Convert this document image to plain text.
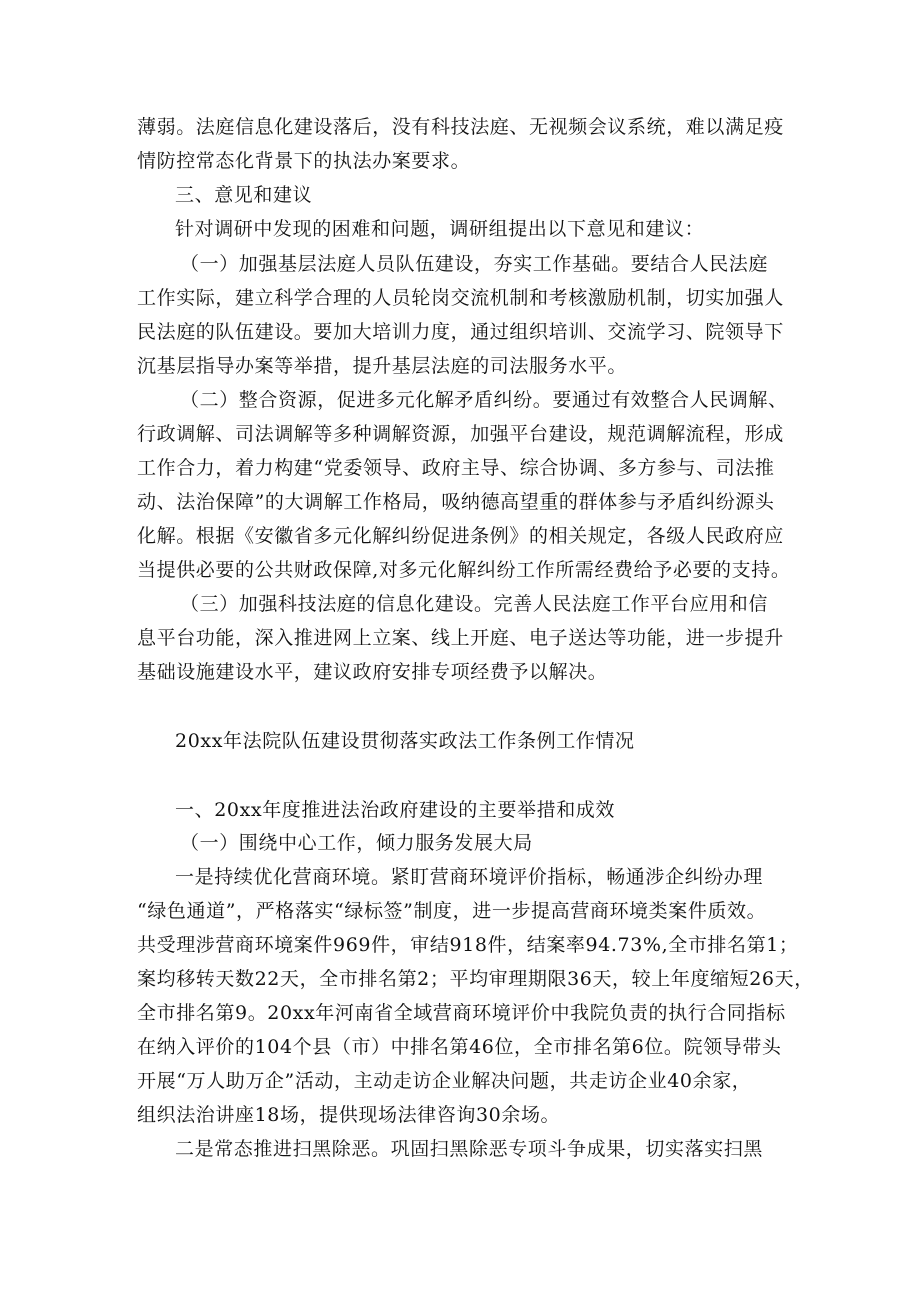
薄弱。法庭信息化建设落后，没有科技法庭、无视频会议系统，难以满足疫
情防控常态化背景下的执法办案要求。
三、意见和建议
针对调研中发现的困难和问题，调研组提出以下意见和建议：
（一）加强基层法庭人员队伍建设，夯实工作基础。要结合人民法庭
工作实际，建立科学合理的人员轮岗交流机制和考核激励机制，切实加强人
民法庭的队伍建设。要加大培训力度，通过组织培训、交流学习、院领导下
沉基层指导办案等举措，提升基层法庭的司法服务水平。
（二）整合资源，促进多元化解矛盾纠纷。要通过有效整合人民调解、
行政调解、司法调解等多种调解资源，加强平台建设，规范调解流程，形成
工作合力，着力构建“党委领导、政府主导、综合协调、多方参与、司法推
动、法治保障”的大调解工作格局，吸纳德高望重的群体参与矛盾纠纷源头
化解。根据《安徽省多元化解纠纷促进条例》的相关规定，各级人民政府应
当提供必要的公共财政保障,对多元化解纠纷工作所需经费给予必要的支持。
（三）加强科技法庭的信息化建设。完善人民法庭工作平台应用和信
息平台功能，深入推进网上立案、线上开庭、电子送达等功能，进一步提升
基础设施建设水平，建议政府安排专项经费予以解决。
20xx年法院队伍建设贯彻落实政法工作条例工作情况
一、20xx年度推进法治政府建设的主要举措和成效
（一）围绕中心工作，倾力服务发展大局
一是持续优化营商环境。紧盯营商环境评价指标，畅通涉企纠纷办理
“绿色通道”，严格落实“绿标签”制度，进一步提高营商环境类案件质效。
共受理涉营商环境案件969件，审结918件，结案率94.73%,全市排名第1；
案均移转天数22天，全市排名第2；平均审理期限36天，较上年度缩短26天，
全市排名第9。20xx年河南省全域营商环境评价中我院负责的执行合同指标
在纳入评价的104个县（市）中排名第46位，全市排名第6位。院领导带头
开展“万人助万企”活动，主动走访企业解决问题，共走访企业40余家，
组织法治讲座18场，提供现场法律咨询30余场。
二是常态推进扫黑除恶。巩固扫黑除恶专项斗争成果，切实落实扫黑
